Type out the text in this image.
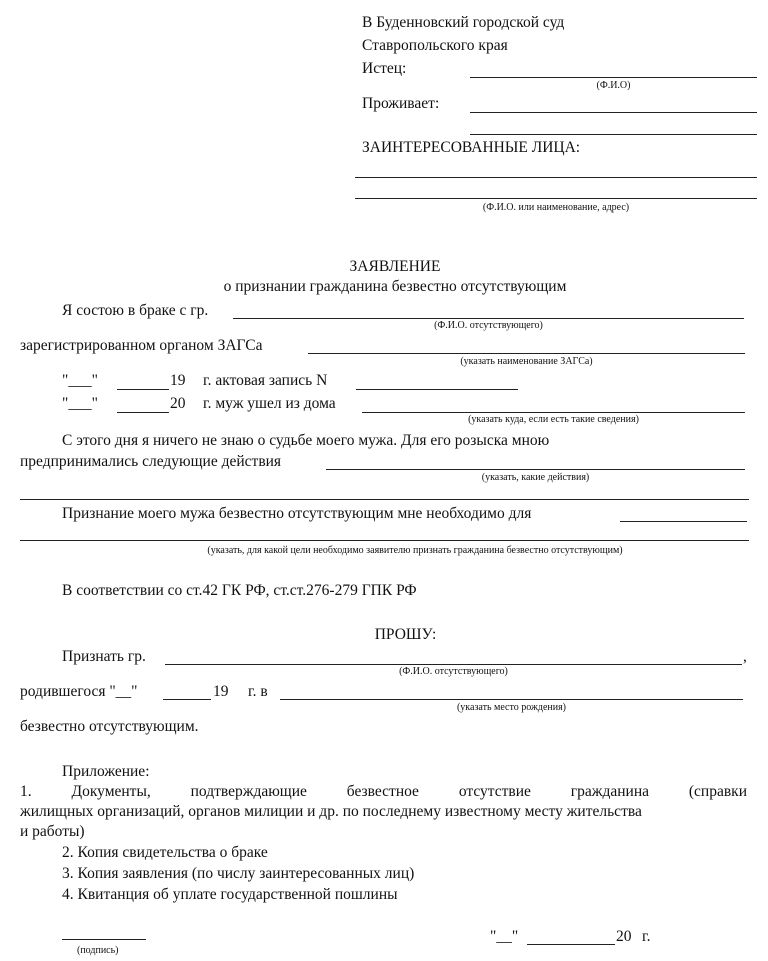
В Буденновский городской суд
Ставропольского края
Истец:
(Ф.И.О)
Проживает:
ЗАИНТЕРЕСОВАННЫЕ ЛИЦА:
(Ф.И.О. или наименование, адрес)
ЗАЯВЛЕНИЕ
о признании гражданина безвестно отсутствующим
Я состою в браке с гр.
(Ф.И.О. отсутствующего)
зарегистрированном органом ЗАГСа
(указать наименование ЗАГСа)
"___"	19 г. актовая запись N
"___"	20 г. муж ушел из дома
(указать куда, если есть такие сведения)
С этого дня я ничего не знаю о судьбе моего мужа. Для его розыска мною
предпринимались следующие действия
(указать, какие действия)
Признание моего мужа безвестно отсутствующим мне необходимо для
(указать, для какой цели необходимо заявителю признать гражданина безвестно отсутствующим)
В соответствии со ст.42 ГК РФ, ст.ст.276-279 ГПК РФ
ПРОШУ:
Признать гр.	,
(Ф.И.О. отсутствующего)
родившегося "__"	19 г. в
(указать место рождения)
безвестно отсутствующим.
Приложение:
1. Документы, подтверждающие безвестное отсутствие гражданина (справки
жилищных организаций, органов милиции и др. по последнему известному месту жительства
и работы)
2. Копия свидетельства о браке
3. Копия заявления (по числу заинтересованных лиц)
4. Квитанция об уплате государственной пошлины
(подпись)
"__"	20 г.
